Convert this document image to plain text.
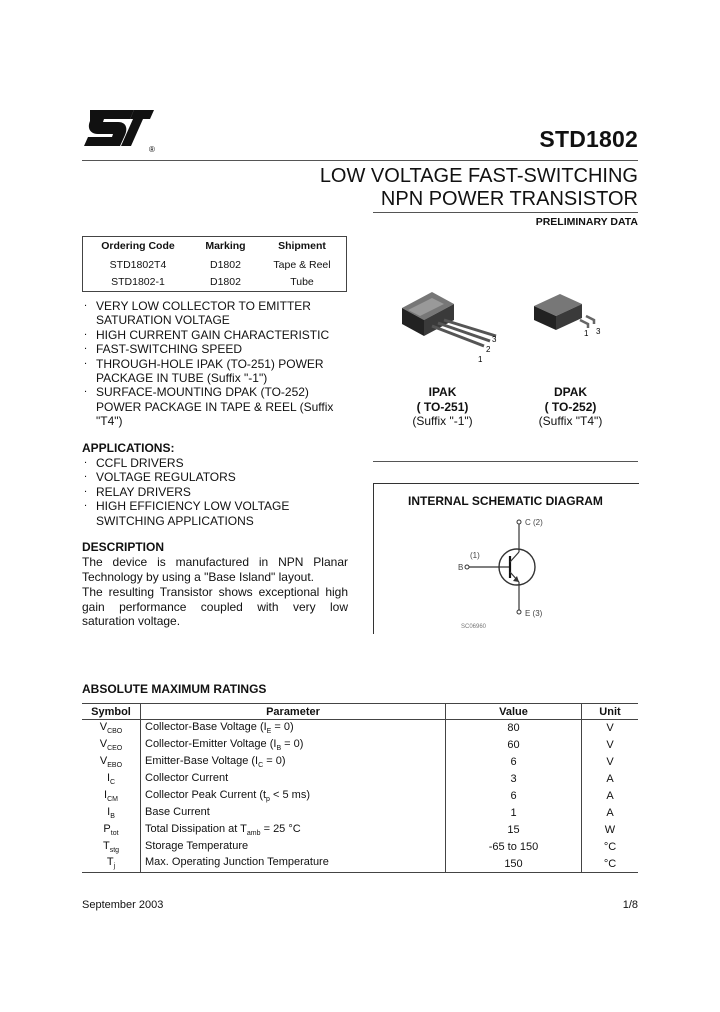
®	STD1802
LOW VOLTAGE FAST-SWITCHING
NPN POWER TRANSISTOR
PRELIMINARY DATA
Ordering Code	Marking	Shipment
STD1802T4	D1802	Tape & Reel
STD1802-1	D1802	Tube
. VERY LOW COLLECTOR TO EMITTER SATURATION VOLTAGE
. HIGH CURRENT GAIN CHARACTERISTIC
. FAST-SWITCHING SPEED
. THROUGH-HOLE IPAK (TO-251) POWER PACKAGE IN TUBE (Suffix "-1")
. SURFACE-MOUNTING DPAK (TO-252) POWER PACKAGE IN TAPE & REEL (Suffix "T4")
3
2
1
1 3
IPAK
( TO-251)
(Suffix "-1")
DPAK
( TO-252)
(Suffix "T4")
APPLICATIONS:
. CCFL DRIVERS
. VOLTAGE REGULATORS
. RELAY DRIVERS
. HIGH EFFICIENCY LOW VOLTAGE SWITCHING APPLICATIONS
DESCRIPTION
The device is manufactured in NPN Planar Technology by using a "Base Island" layout.
The resulting Transistor shows exceptional high gain performance coupled with very low saturation voltage.
INTERNAL SCHEMATIC DIAGRAM
C (2)
(1)
B
E (3)
SC06960
ABSOLUTE MAXIMUM RATINGS
Symbol	Parameter	Value	Unit
$V_{CBO}$	Collector-Base Voltage $(I_E = 0)$	80	V
$V_{CEO}$	Collector-Emitter Voltage $(I_B = 0)$	60	V
$V_{EBO}$	Emitter-Base Voltage $(I_C = 0)$	6	V
$I_C$	Collector Current	3	A
$I_{CM}$	Collector Peak Current ($t_p < 5$ ms)	6	A
$I_B$	Base Current	1	A
$P_{tot}$	Total Dissipation at $T_{amb} = 25$ °C	15	W
$T_{stg}$	Storage Temperature	-65 to 150	°C
$T_j$	Max. Operating Junction Temperature	150	°C
September 2003	1/8
